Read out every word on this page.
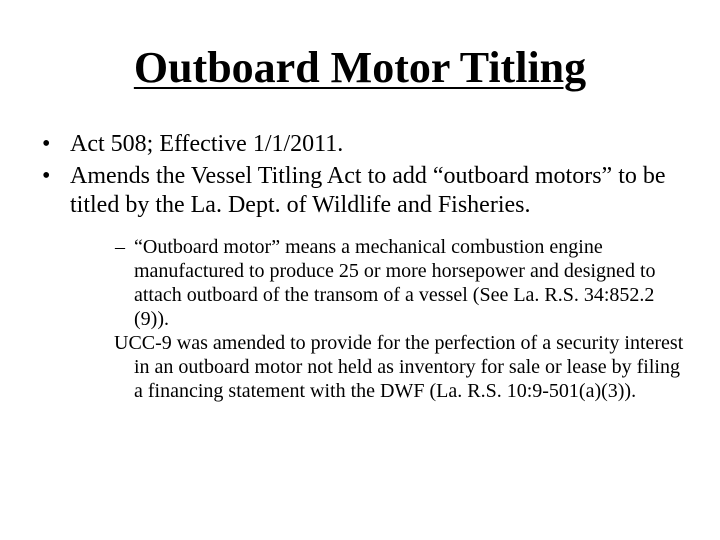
Outboard Motor Titling
• Act 508; Effective 1/1/2011.
• Amends the Vessel Titling Act to add “outboard motors” to be titled by the La. Dept. of Wildlife and Fisheries.
– “Outboard motor” means a mechanical combustion engine manufactured to produce 25 or more horsepower and designed to attach outboard of the transom of a vessel (See La. R.S. 34:852.2 (9)).

UCC-9 was amended to provide for the perfection of a security interest in an outboard motor not held as inventory for sale or lease by filing a financing statement with the DWF (La. R.S. 10:9-501(a)(3)).
